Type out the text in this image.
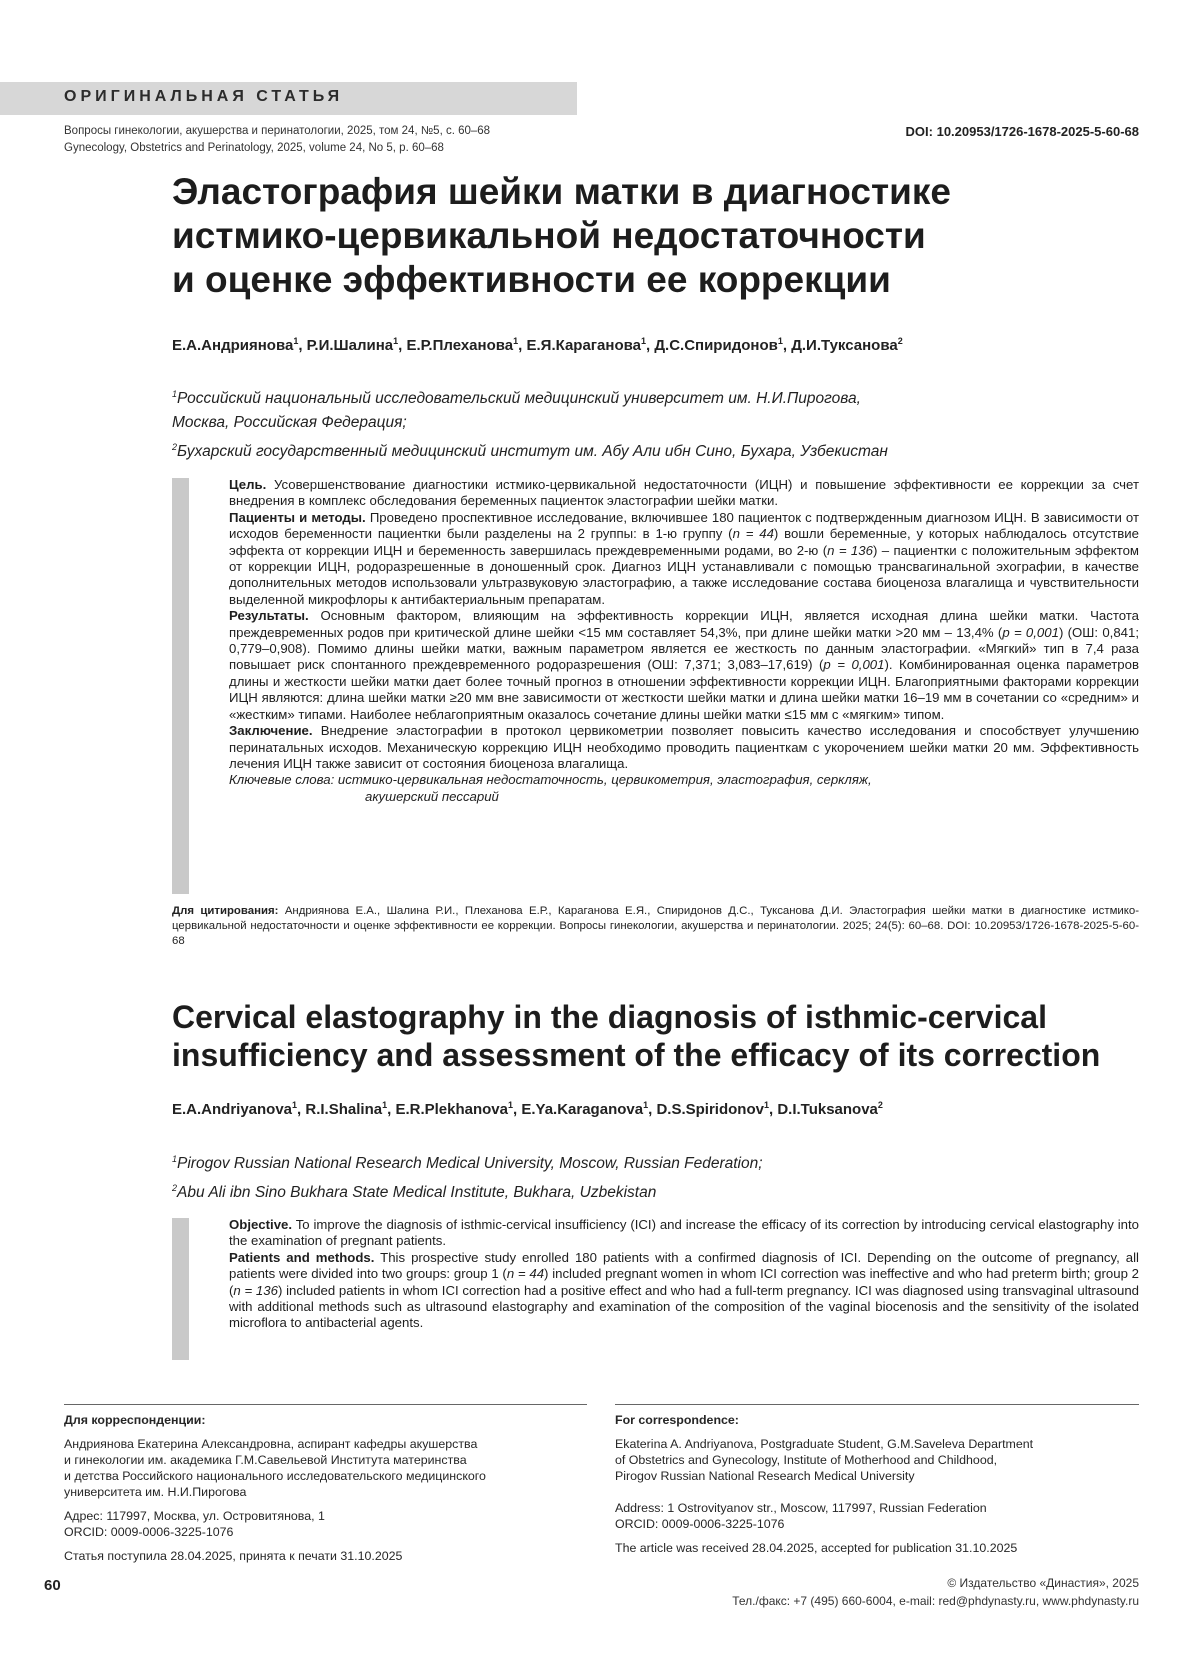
ОРИГИНАЛЬНАЯ СТАТЬЯ
Вопросы гинекологии, акушерства и перинатологии, 2025, том 24, №5, с. 60–68
Gynecology, Obstetrics and Perinatology, 2025, volume 24, No 5, p. 60–68
DOI: 10.20953/1726-1678-2025-5-60-68
Эластография шейки матки в диагностике
истмико-цервикальной недостаточности
и оценке эффективности ее коррекции
Е.А.Андриянова$^1$, Р.И.Шалина$^1$, Е.Р.Плеханова$^1$, Е.Я.Караганова$^1$, Д.С.Спиридонов$^1$, Д.И.Туксанова$^2$
$^1$Российский национальный исследовательский медицинский университет им. Н.И.Пирогова,
Москва, Российская Федерация;
$^2$Бухарский государственный медицинский институт им. Абу Али ибн Сино, Бухара, Узбекистан

Цель. Усовершенствование диагностики истмико-цервикальной недостаточности (ИЦН) и повышение эффективности ее коррекции за счет внедрения в комплекс обследования беременных пациенток эластографии шейки матки.

Пациенты и методы. Проведено проспективное исследование, включившее 180 пациенток с подтвержденным диагнозом ИЦН. В зависимости от исходов беременности пациентки были разделены на 2 группы: в 1-ю группу (n = 44) вошли беременные, у которых наблюдалось отсутствие эффекта от коррекции ИЦН и беременность завершилась преждевременными родами, во 2-ю (n = 136) – пациентки с положительным эффектом от коррекции ИЦН, родоразрешенные в доношенный срок. Диагноз ИЦН устанавливали с помощью трансвагинальной эхографии, в качестве дополнительных методов использовали ультразвуковую эластографию, а также исследование состава биоценоза влагалища и чувствительности выделенной микрофлоры к антибактериальным препаратам.

Результаты. Основным фактором, влияющим на эффективность коррекции ИЦН, является исходная длина шейки матки. Частота преждевременных родов при критической длине шейки <15 мм составляет 54,3%, при длине шейки матки >20 мм – 13,4% (p = 0,001) (ОШ: 0,841; 0,779–0,908). Помимо длины шейки матки, важным параметром является ее жесткость по данным эластографии. «Мягкий» тип в 7,4 раза повышает риск спонтанного преждевременного родоразрешения (ОШ: 7,371; 3,083–17,619) (p = 0,001). Комбинированная оценка параметров длины и жесткости шейки матки дает более точный прогноз в отношении эффективности коррекции ИЦН. Благоприятными факторами коррекции ИЦН являются: длина шейки матки ≥20 мм вне зависимости от жесткости шейки матки и длина шейки матки 16–19 мм в сочетании со «средним» и «жестким» типами. Наиболее неблагоприятным оказалось сочетание длины шейки матки ≤15 мм с «мягким» типом.

Заключение. Внедрение эластографии в протокол цервикометрии позволяет повысить качество исследования и способствует улучшению перинатальных исходов. Механическую коррекцию ИЦН необходимо проводить пациенткам с укорочением шейки матки 20 мм. Эффективность лечения ИЦН также зависит от состояния биоценоза влагалища.

Ключевые слова: истмико-цервикальная недостаточность, цервикометрия, эластография, серкляж,

акушерский пессарий

Для цитирования: Андриянова Е.А., Шалина Р.И., Плеханова Е.Р., Караганова Е.Я., Спиридонов Д.С., Туксанова Д.И. Эластография шейки матки в диагностике истмико-цервикальной недостаточности и оценке эффективности ее коррекции. Вопросы гинекологии, акушерства и перинатологии. 2025; 24(5): 60–68. DOI: 10.20953/1726-1678-2025-5-60-68
Cervical elastography in the diagnosis of isthmic-cervical
insufficiency and assessment of the efficacy of its correction
E.A.Andriyanova$^1$, R.I.Shalina$^1$, E.R.Plekhanova$^1$, E.Ya.Karaganova$^1$, D.S.Spiridonov$^1$, D.I.Tuksanova$^2$
$^1$Pirogov Russian National Research Medical University, Moscow, Russian Federation;
$^2$Abu Ali ibn Sino Bukhara State Medical Institute, Bukhara, Uzbekistan

Objective. To improve the diagnosis of isthmic-cervical insufficiency (ICI) and increase the efficacy of its correction by introducing cervical elastography into the examination of pregnant patients.

Patients and methods. This prospective study enrolled 180 patients with a confirmed diagnosis of ICI. Depending on the outcome of pregnancy, all patients were divided into two groups: group 1 (n = 44) included pregnant women in whom ICI correction was ineffective and who had preterm birth; group 2 (n = 136) included patients in whom ICI correction had a positive effect and who had a full-term pregnancy. ICI was diagnosed using transvaginal ultrasound with additional methods such as ultrasound elastography and examination of the composition of the vaginal biocenosis and the sensitivity of the isolated microflora to antibacterial agents.

Для корреспонденции:

Андриянова Екатерина Александровна, аспирант кафедры акушерства
и гинекологии им. академика Г.М.Савельевой Института материнства
и детства Российского национального исследовательского медицинского
университета им. Н.И.Пирогова

Адрес: 117997, Москва, ул. Островитянова, 1
ORCID: 0009-0006-3225-1076

Статья поступила 28.04.2025, принята к печати 31.10.2025

For correspondence:

Ekaterina A. Andriyanova, Postgraduate Student, G.M.Saveleva Department
of Obstetrics and Gynecology, Institute of Motherhood and Childhood,
Pirogov Russian National Research Medical University

Address: 1 Ostrovityanov str., Moscow, 117997, Russian Federation
ORCID: 0009-0006-3225-1076

The article was received 28.04.2025, accepted for publication 31.10.2025

60	© Издательство «Династия», 2025
Тел./факс: +7 (495) 660-6004, e-mail: red@phdynasty.ru, www.phdynasty.ru
